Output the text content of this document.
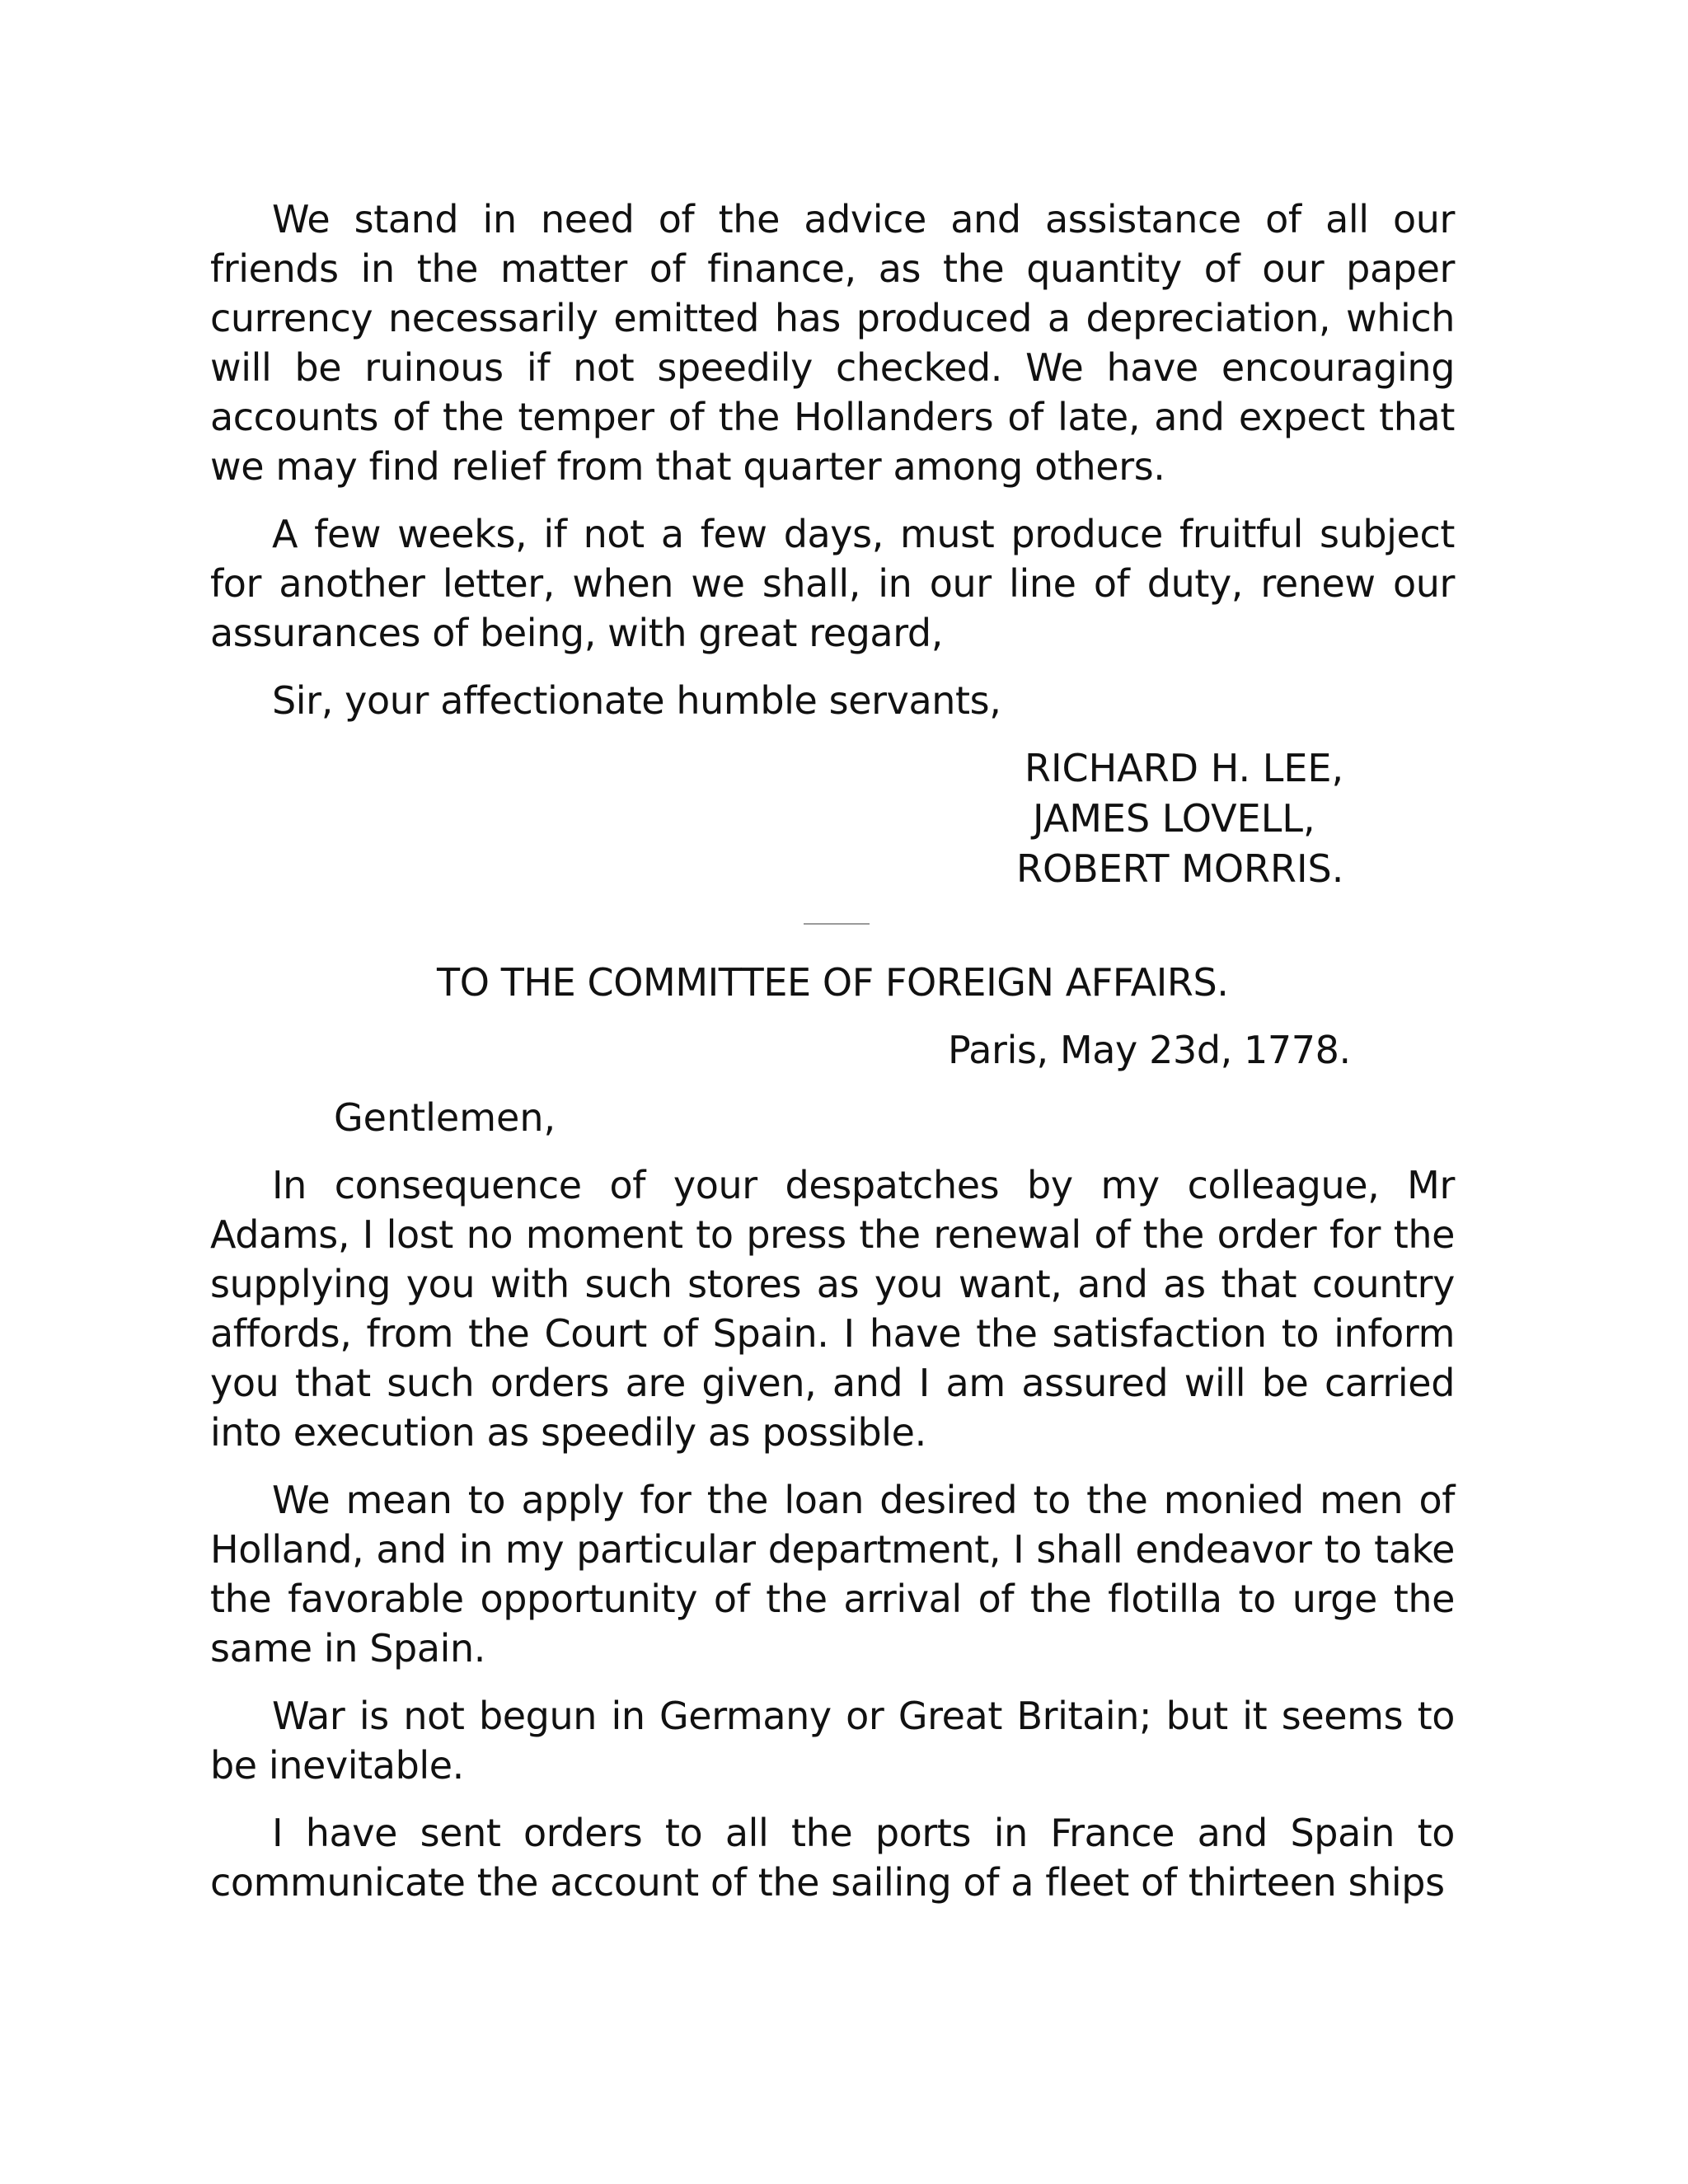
We stand in need of the advice and assistance of all our friends in the matter of finance, as the quantity of our paper currency necessarily emitted has produced a depreciation, which will be ruinous if not speedily checked. We have encouraging accounts of the temper of the Hollanders of late, and expect that we may find relief from that quarter among others.

A few weeks, if not a few days, must produce fruitful subject for another letter, when we shall, in our line of duty, renew our assurances of being, with great regard,

Sir, your affectionate humble servants,

RICHARD H. LEE,
JAMES LOVELL,
ROBERT MORRIS.
TO THE COMMITTEE OF FOREIGN AFFAIRS.
Paris, May 23d, 1778.
Gentlemen,

In consequence of your despatches by my colleague, Mr Adams, I lost no moment to press the renewal of the order for the supplying you with such stores as you want, and as that country affords, from the Court of Spain. I have the satisfaction to inform you that such orders are given, and I am assured will be carried into execution as speedily as possible.

We mean to apply for the loan desired to the monied men of Holland, and in my particular department, I shall endeavor to take the favorable opportunity of the arrival of the flotilla to urge the same in Spain.

War is not begun in Germany or Great Britain; but it seems to be inevitable.

I have sent orders to all the ports in France and Spain to communicate the account of the sailing of a fleet of thirteen ships
